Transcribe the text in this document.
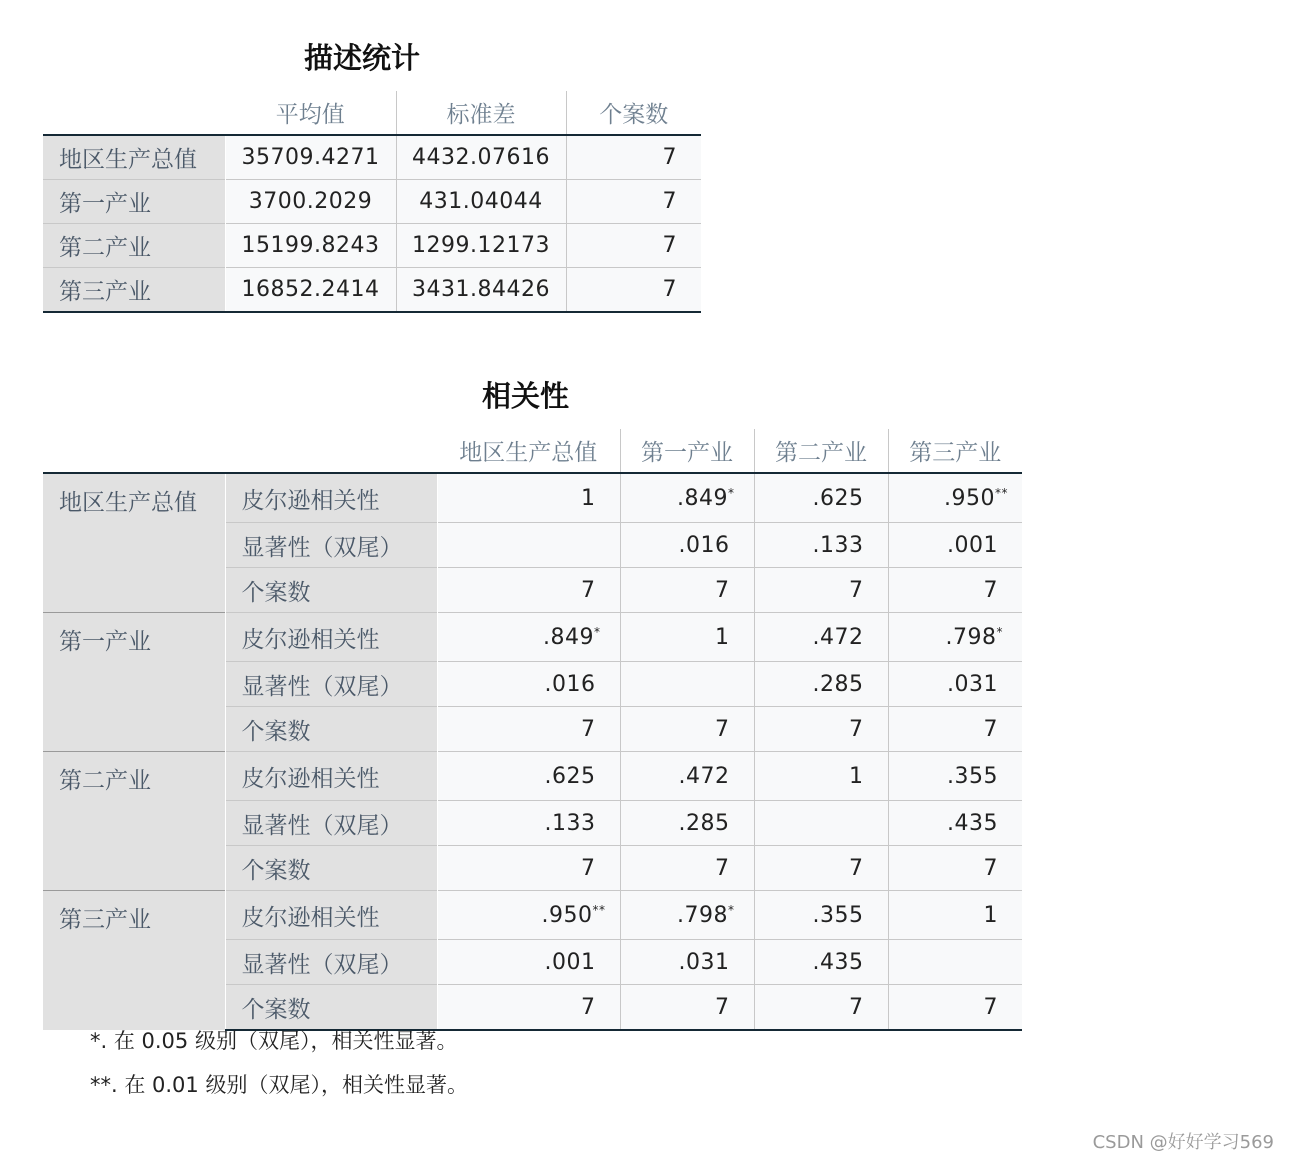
描述统计
	平均值	标准差	个案数
地区生产总值	35709.4271	4432.07616	7
第一产业	3700.2029	431.04044	7
第二产业	15199.8243	1299.12173	7
第三产业	16852.2414	3431.84426	7
相关性
		地区生产总值	第一产业	第二产业	第三产业
地区生产总值	皮尔逊相关性	1	.849*	.625	.950**
	显著性（双尾）		.016	.133	.001
	个案数	7	7	7	7
第一产业	皮尔逊相关性	.849*	1	.472	.798*
	显著性（双尾）	.016		.285	.031
	个案数	7	7	7	7
第二产业	皮尔逊相关性	.625	.472	1	.355
	显著性（双尾）	.133	.285		.435
	个案数	7	7	7	7
第三产业	皮尔逊相关性	.950**	.798*	.355	1
	显著性（双尾）	.001	.031	.435	
	个案数	7	7	7	7
*. 在 0.05 级别（双尾），相关性显著。
**. 在 0.01 级别（双尾），相关性显著。
CSDN @好好学习569
